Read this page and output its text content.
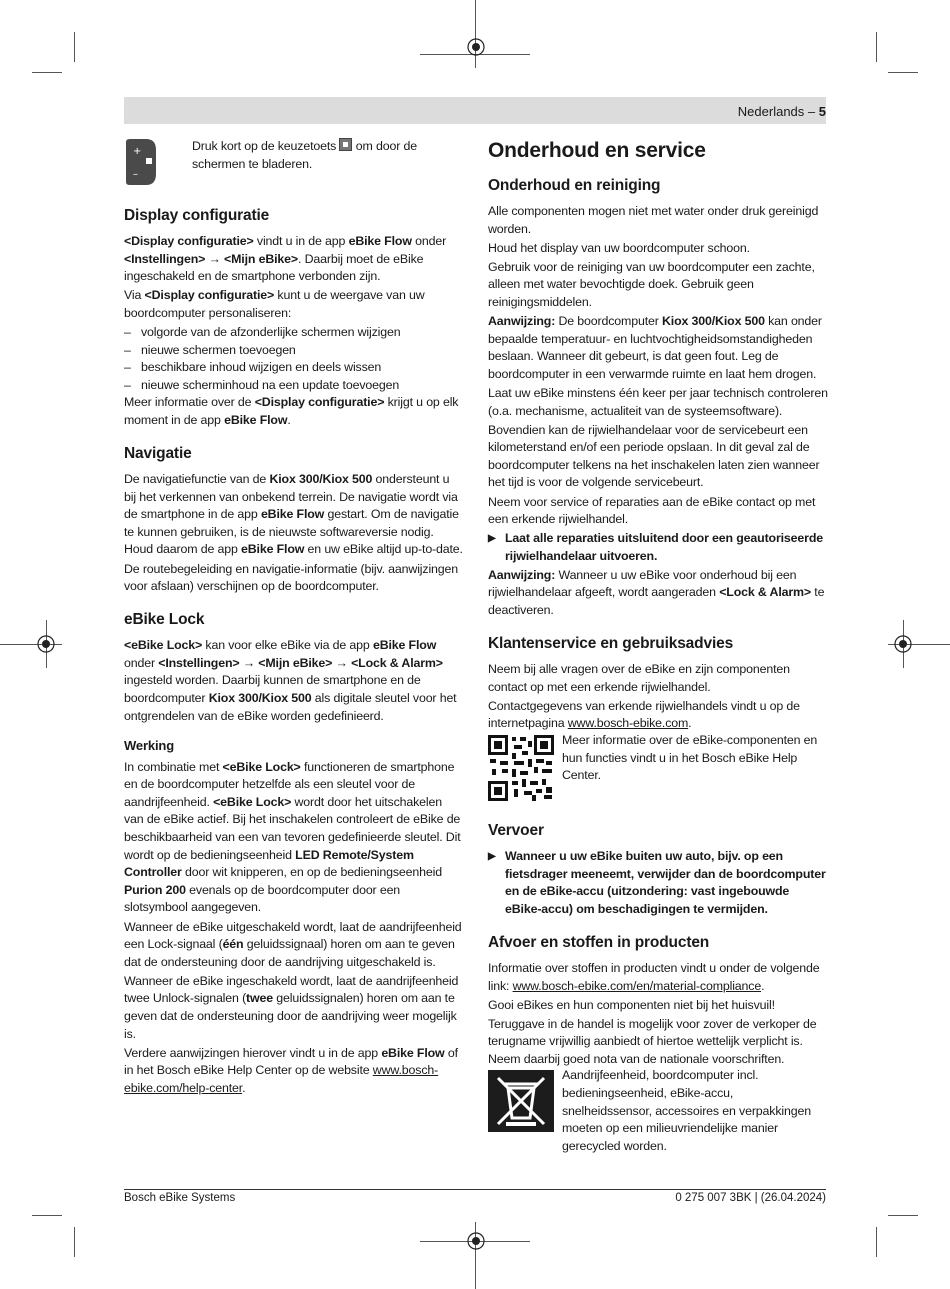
Nederlands – 5
+
–
Druk kort op de keuzetoets om door de schermen te bladeren.
Display configuratie

<Display configuratie> vindt u in de app eBike Flow onder <Instellingen> → <Mijn eBike>. Daarbij moet de eBike ingeschakeld en de smartphone verbonden zijn.

Via <Display configuratie> kunt u de weergave van uw boordcomputer personaliseren:

– volgorde van de afzonderlijke schermen wijzigen
– nieuwe schermen toevoegen
– beschikbare inhoud wijzigen en deels wissen
– nieuwe scherminhoud na een update toevoegen

Meer informatie over de <Display configuratie> krijgt u op elk moment in de app eBike Flow.

Navigatie

De navigatiefunctie van de Kiox 300/Kiox 500 ondersteunt u bij het verkennen van onbekend terrein. De navigatie wordt via de smartphone in de app eBike Flow gestart. Om de navigatie te kunnen gebruiken, is de nieuwste softwareversie nodig. Houd daarom de app eBike Flow en uw eBike altijd up-to-date.

De routebegeleiding en navigatie-informatie (bijv. aanwijzingen voor afslaan) verschijnen op de boordcomputer.

eBike Lock

<eBike Lock> kan voor elke eBike via de app eBike Flow onder <Instellingen> → <Mijn eBike> → <Lock & Alarm> ingesteld worden. Daarbij kunnen de smartphone en de boordcomputer Kiox 300/Kiox 500 als digitale sleutel voor het ontgrendelen van de eBike worden gedefinieerd.

Werking

In combinatie met <eBike Lock> functioneren de smartphone en de boordcomputer hetzelfde als een sleutel voor de aandrijfeenheid. <eBike Lock> wordt door het uitschakelen van de eBike actief. Bij het inschakelen controleert de eBike de beschikbaarheid van een van tevoren gedefinieerde sleutel. Dit wordt op de bedieningseenheid LED Remote/System Controller door wit knipperen, en op de bedieningseenheid Purion 200 evenals op de boordcomputer door een slotsymbool aangegeven.

Wanneer de eBike uitgeschakeld wordt, laat de aandrijfeenheid een Lock-signaal (één geluidssignaal) horen om aan te geven dat de ondersteuning door de aandrijving uitgeschakeld is.

Wanneer de eBike ingeschakeld wordt, laat de aandrijfeenheid twee Unlock-signalen (twee geluidssignalen) horen om aan te geven dat de ondersteuning door de aandrijving weer mogelijk is.

Verdere aanwijzingen hierover vindt u in de app eBike Flow of in het Bosch eBike Help Center op de website www.bosch-ebike.com/help-center.

Onderhoud en service
Onderhoud en reiniging

Alle componenten mogen niet met water onder druk gereinigd worden.

Houd het display van uw boordcomputer schoon.

Gebruik voor de reiniging van uw boordcomputer een zachte, alleen met water bevochtigde doek. Gebruik geen reinigingsmiddelen.

Aanwijzing: De boordcomputer Kiox 300/Kiox 500 kan onder bepaalde temperatuur- en luchtvochtigheidsomstandigheden beslaan. Wanneer dit gebeurt, is dat geen fout. Leg de boordcomputer in een verwarmde ruimte en laat hem drogen.

Laat uw eBike minstens één keer per jaar technisch controleren (o.a. mechanisme, actualiteit van de systeemsoftware).

Bovendien kan de rijwielhandelaar voor de servicebeurt een kilometerstand en/of een periode opslaan. In dit geval zal de boordcomputer telkens na het inschakelen laten zien wanneer het tijd is voor de volgende servicebeurt.

Neem voor service of reparaties aan de eBike contact op met een erkende rijwielhandel.

▶ Laat alle reparaties uitsluitend door een geautoriseerde rijwielhandelaar uitvoeren.

Aanwijzing: Wanneer u uw eBike voor onderhoud bij een rijwielhandelaar afgeeft, wordt aangeraden <Lock & Alarm> te deactiveren.

Klantenservice en gebruiksadvies

Neem bij alle vragen over de eBike en zijn componenten contact op met een erkende rijwielhandel.

Contactgegevens van erkende rijwielhandels vindt u op de internetpagina www.bosch-ebike.com.

Meer informatie over de eBike-componenten en hun functies vindt u in het Bosch eBike Help Center.

Vervoer

▶ Wanneer u uw eBike buiten uw auto, bijv. op een fietsdrager meeneemt, verwijder dan de boordcomputer en de eBike-accu (uitzondering: vast ingebouwde eBike-accu) om beschadigingen te vermijden.

Afvoer en stoffen in producten

Informatie over stoffen in producten vindt u onder de volgende link: www.bosch-ebike.com/en/material-compliance.

Gooi eBikes en hun componenten niet bij het huisvuil!

Teruggave in de handel is mogelijk voor zover de verkoper de terugname vrijwillig aanbiedt of hiertoe wettelijk verplicht is. Neem daarbij goed nota van de nationale voorschriften.

Aandrijfeenheid, boordcomputer incl. bedieningseenheid, eBike-accu, snelheidssensor, accessoires en verpakkingen moeten op een milieuvriendelijke manier gerecycled worden.

Bosch eBike Systems	0 275 007 3BK | (26.04.2024)
